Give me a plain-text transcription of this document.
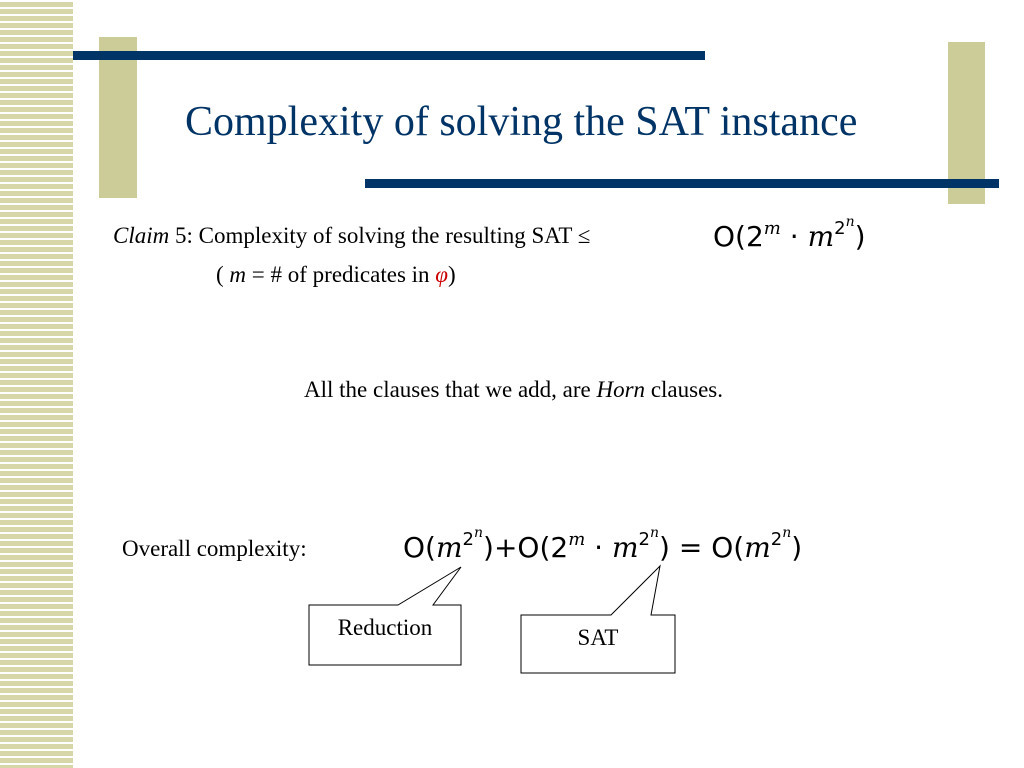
Complexity of solving the SAT instance
Claim 5: Complexity of solving the resulting SAT ≤	$O(2^m \cdot m^{2^n})$
( m = # of predicates in φ)
All the clauses that we add, are Horn clauses.
Overall complexity:	$O(m^{2^n})+O(2^m \cdot m^{2^n}) = O(m^{2^n})$
Reduction	SAT
